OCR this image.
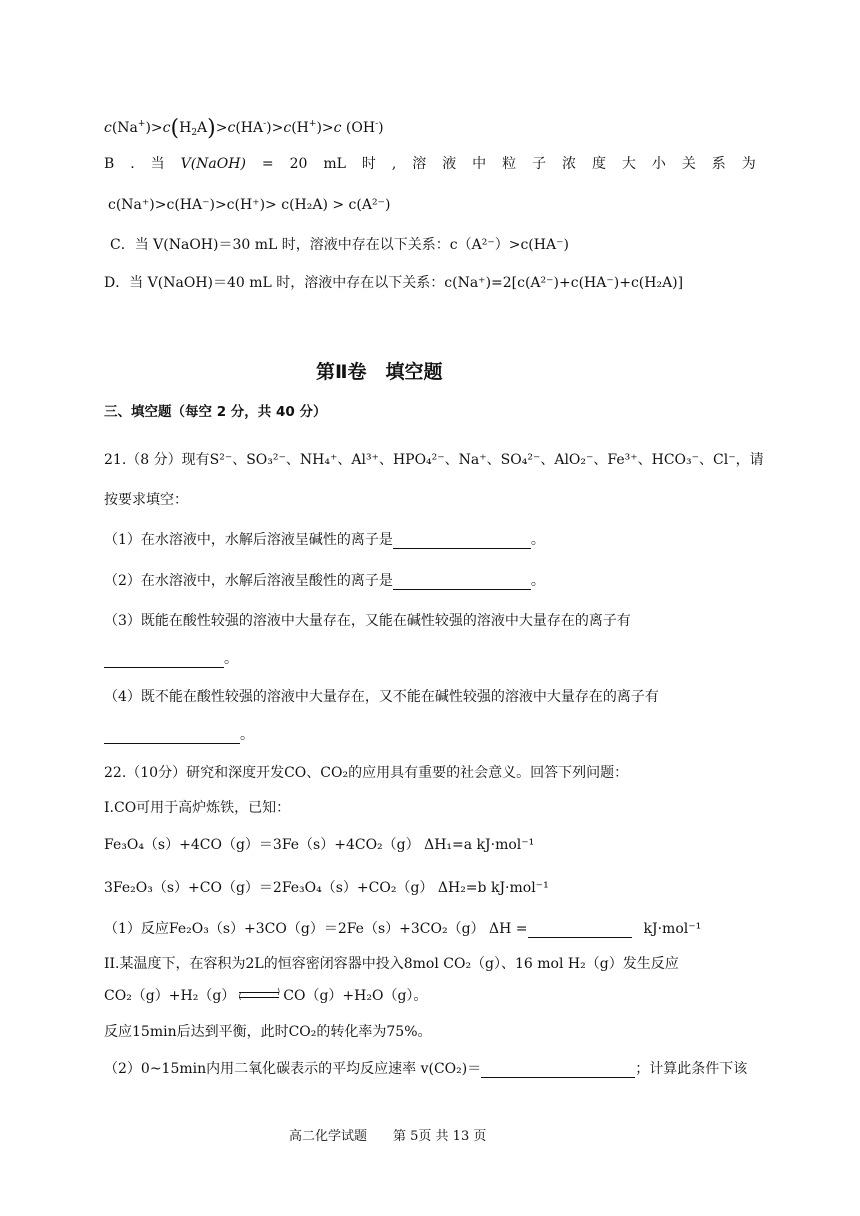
$c(Na^+)>c(H_2A)>c(HA^-)>c(H^+)>c$ (OH-)
B . 当 V(NaOH) = 20 mL 时 , 溶 液 中 粒 子 浓 度 大 小 关 系 为
c(Na⁺)>c(HA⁻)>c(H⁺)> c(H₂A) > c(A²⁻)
C．当 V(NaOH)＝30 mL 时，溶液中存在以下关系：c（A²⁻）>c(HA⁻)
D．当 V(NaOH)＝40 mL 时，溶液中存在以下关系：c(Na⁺)=2[c(A²⁻)+c(HA⁻)+c(H₂A)]
第Ⅱ卷　填空题
三、填空题（每空 2 分，共 40 分）
21.（8 分）现有S²⁻、SO₃²⁻、NH₄⁺、Al³⁺、HPO₄²⁻、Na⁺、SO₄²⁻、AlO₂⁻、Fe³⁺、HCO₃⁻、Cl⁻，请
按要求填空：
（1）在水溶液中，水解后溶液呈碱性的离子是	。
（2）在水溶液中，水解后溶液呈酸性的离子是	。
（3）既能在酸性较强的溶液中大量存在，又能在碱性较强的溶液中大量存在的离子有
。
（4）既不能在酸性较强的溶液中大量存在，又不能在碱性较强的溶液中大量存在的离子有
。
22.（10分）研究和深度开发CO、CO₂的应用具有重要的社会意义。回答下列问题：
I.CO可用于高炉炼铁，已知：
Fe₃O₄（s）+4CO（g）＝3Fe（s）+4CO₂（g） ΔH₁=a kJ·mol⁻¹
3Fe₂O₃（s）+CO（g）＝2Fe₃O₄（s）+CO₂（g） ΔH₂=b kJ·mol⁻¹
（1）反应Fe₂O₃（s）+3CO（g）＝2Fe（s）+3CO₂（g） ΔH =	kJ·mol⁻¹
II.某温度下，在容积为2L的恒容密闭容器中投入8mol CO₂（g）、16 mol H₂（g）发生反应
CO₂（g）+H₂（g）	⟩
⟨	CO（g）+H₂O（g）。
反应15min后达到平衡，此时CO₂的转化率为75%。
（2）0~15min内用二氧化碳表示的平均反应速率 v(CO₂)＝	；计算此条件下该
高二化学试题　　第 5页 共 13 页
